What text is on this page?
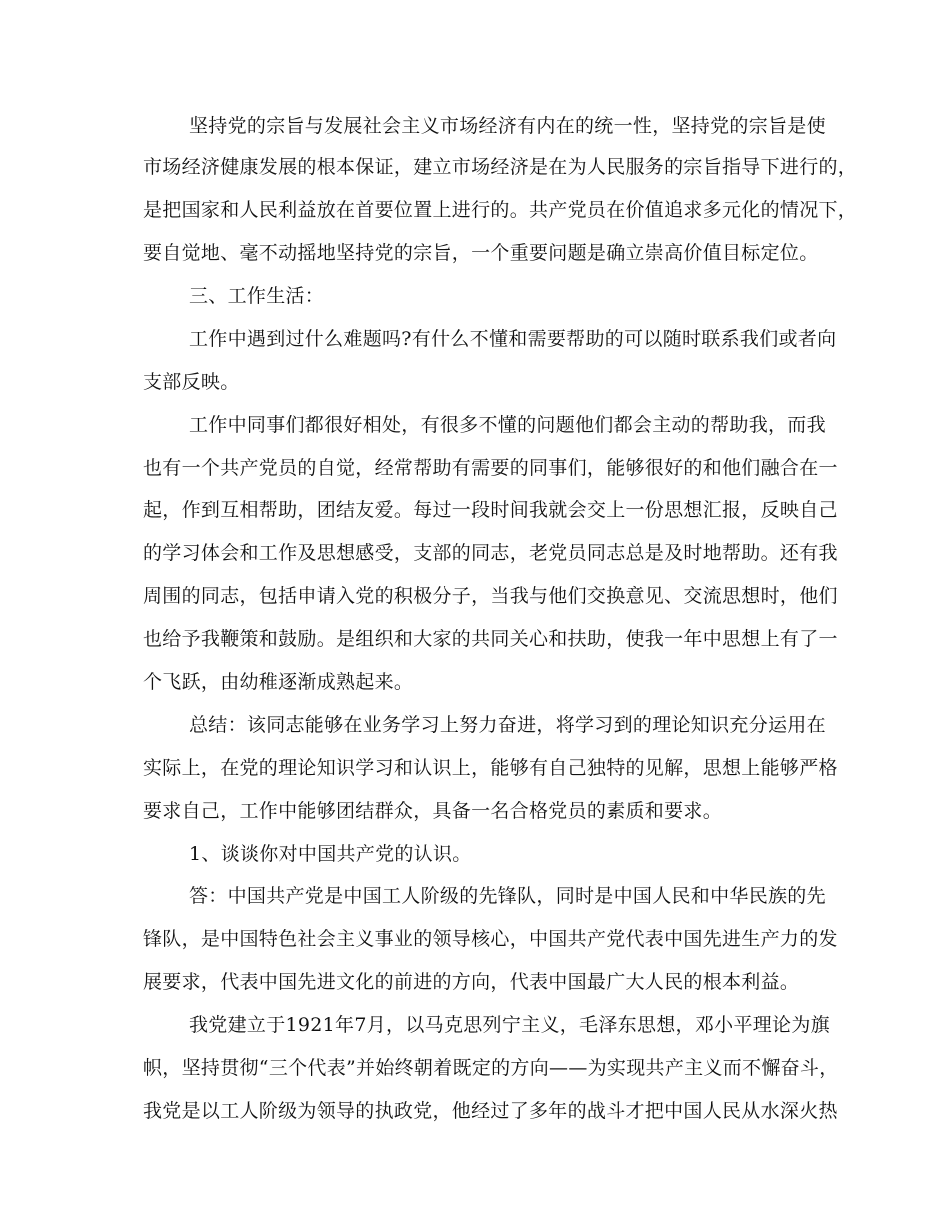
坚持党的宗旨与发展社会主义市场经济有内在的统一性，坚持党的宗旨是使
市场经济健康发展的根本保证，建立市场经济是在为人民服务的宗旨指导下进行的，
是把国家和人民利益放在首要位置上进行的。共产党员在价值追求多元化的情况下，
要自觉地、毫不动摇地坚持党的宗旨，一个重要问题是确立崇高价值目标定位。
三、工作生活：
工作中遇到过什么难题吗?有什么不懂和需要帮助的可以随时联系我们或者向
支部反映。
工作中同事们都很好相处，有很多不懂的问题他们都会主动的帮助我，而我
也有一个共产党员的自觉，经常帮助有需要的同事们，能够很好的和他们融合在一
起，作到互相帮助，团结友爱。每过一段时间我就会交上一份思想汇报，反映自己
的学习体会和工作及思想感受，支部的同志，老党员同志总是及时地帮助。还有我
周围的同志，包括申请入党的积极分子，当我与他们交换意见、交流思想时，他们
也给予我鞭策和鼓励。是组织和大家的共同关心和扶助，使我一年中思想上有了一
个飞跃，由幼稚逐渐成熟起来。
总结：该同志能够在业务学习上努力奋进，将学习到的理论知识充分运用在
实际上，在党的理论知识学习和认识上，能够有自己独特的见解，思想上能够严格
要求自己，工作中能够团结群众，具备一名合格党员的素质和要求。
1、谈谈你对中国共产党的认识。
答：中国共产党是中国工人阶级的先锋队，同时是中国人民和中华民族的先
锋队，是中国特色社会主义事业的领导核心，中国共产党代表中国先进生产力的发
展要求，代表中国先进文化的前进的方向，代表中国最广大人民的根本利益。
我党建立于1921年7月，以马克思列宁主义，毛泽东思想，邓小平理论为旗
帜，坚持贯彻“三个代表”并始终朝着既定的方向——为实现共产主义而不懈奋斗，
我党是以工人阶级为领导的执政党，他经过了多年的战斗才把中国人民从水深火热
